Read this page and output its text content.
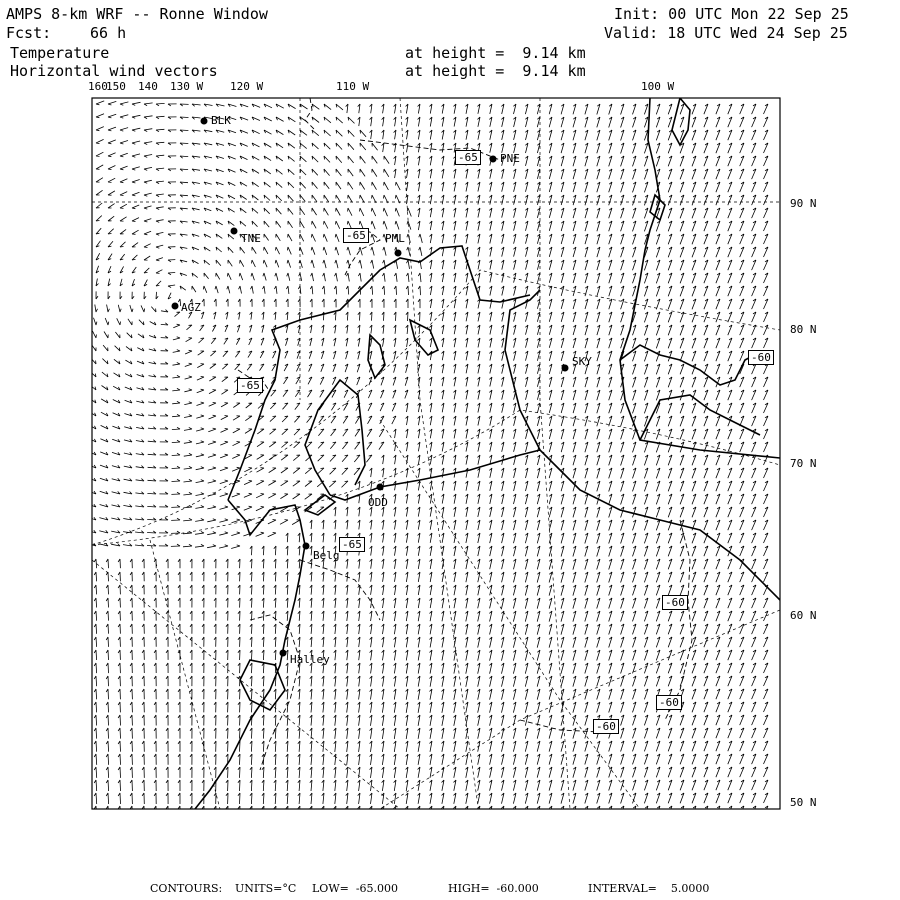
AMPS 8-km WRF -- Ronne Window	Init: 00 UTC Mon 22 Sep 25
Fcst:	66 h	Valid: 18 UTC Wed 24 Sep 25
Temperature
Horizontal wind vectors
at height =  9.14 km
at height =  9.14 km
160
150 140 130 W 120 W	110 W	100 W
90 N
80 N
70 N
60 N
50 N
BLK
TNE
PNE
PML
AGZ
SKY
ODD
Belg
Halley
-65
-65
-65
-65
-60
-60
-60
-60
CONTOURS: UNITS=°C LOW=  -65.000	HIGH=  -60.000	INTERVAL=    5.0000
